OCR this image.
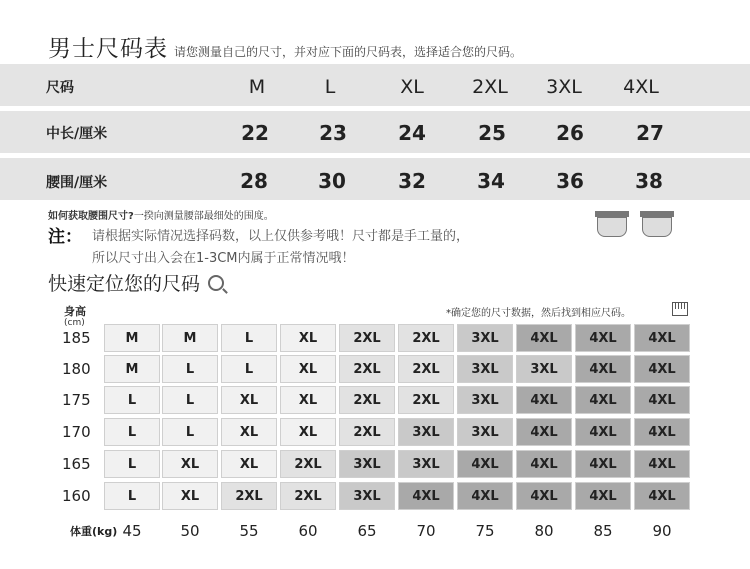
男士尺码表 请您测量自己的尺寸，并对应下面的尺码表，选择适合您的尺码。
尺码	M	L	XL	2XL	3XL	4XL
中长/厘米	22	23	24	25	26	27
腰围/厘米	28	30	32	34	36	38
如何获取腰围尺寸?一揆向测量腰部最细处的围度。
注： 请根据实际情况选择码数，以上仅供参考哦！尺寸都是手工量的，
所以尺寸出入会在1-3CM内属于正常情况哦！
快速定位您的尺码
*确定您的尺寸数据，然后找到相应尺码。
身高
(cm)
185	M	M	L	XL	2XL	2XL	3XL	4XL	4XL	4XL
180	M	L	L	XL	2XL	2XL	3XL	3XL	4XL	4XL
175	L	L	XL	XL	2XL	2XL	3XL	4XL	4XL	4XL
170	L	L	XL	XL	2XL	3XL	3XL	4XL	4XL	4XL
165	L	XL	XL	2XL	3XL	3XL	4XL	4XL	4XL	4XL
160	L	XL	2XL	2XL	3XL	4XL	4XL	4XL	4XL	4XL
45	50	55	60	65	70	75	80	85	90
体重(kg)
